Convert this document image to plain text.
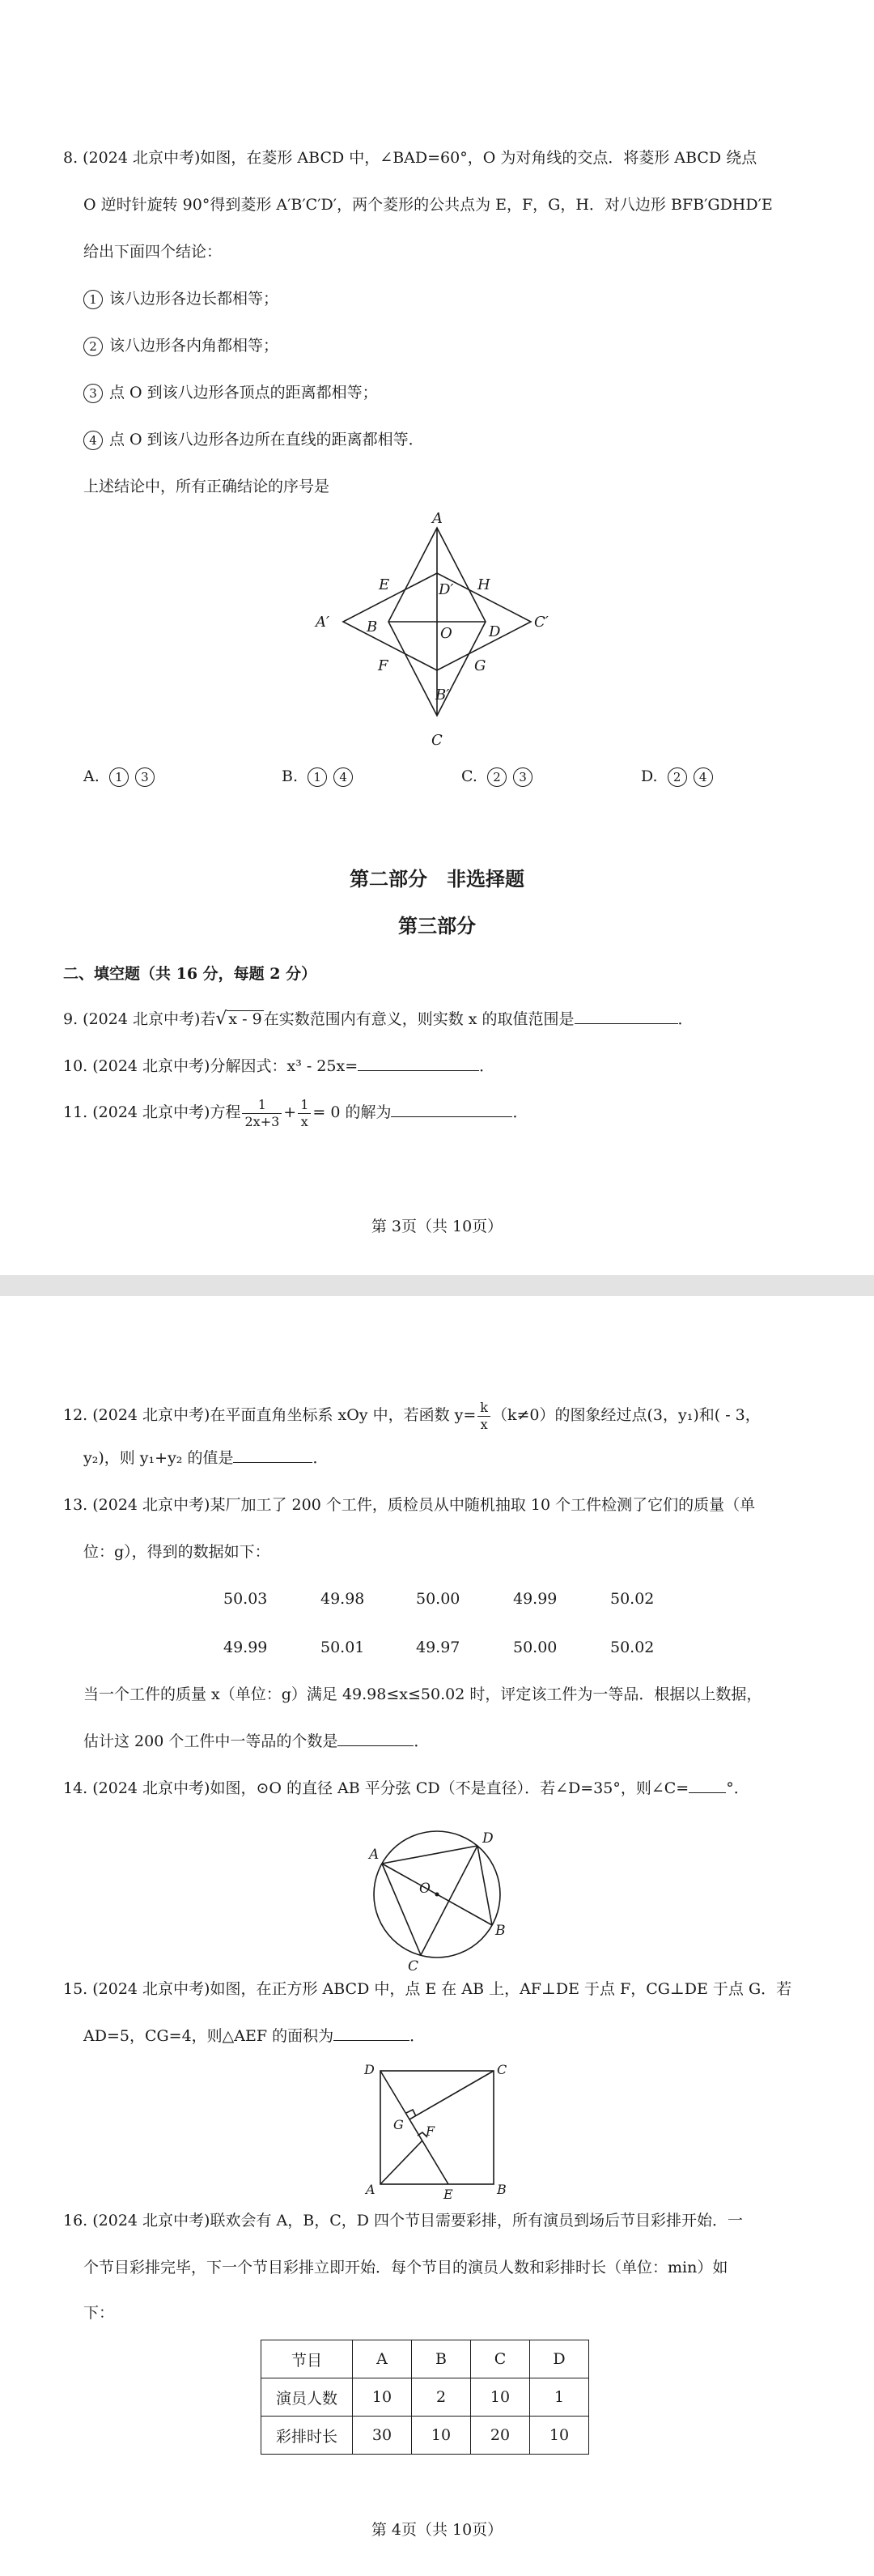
8. (2024 北京中考)如图，在菱形 ABCD 中，∠BAD=60°，O 为对角线的交点．将菱形 ABCD 绕点
O 逆时针旋转 90°得到菱形 A′B′C′D′，两个菱形的公共点为 E，F，G，H．对八边形 BFB′GDHD′E
给出下面四个结论：
1 该八边形各边长都相等；
2 该八边形各内角都相等；
3 点 O 到该八边形各顶点的距离都相等；
4 点 O 到该八边形各边所在直线的距离都相等．
上述结论中，所有正确结论的序号是
A
E	D′ H
A′	B	O	D
C′
F	G
B′
C
A. 1 3	B. 1 4	C. 2 3	D. 2 4
第二部分　非选择题
第三部分
二、填空题（共 16 分，每题 2 分）
9. (2024 北京中考)若√ x - 9 在实数范围内有意义，则实数 x 的取值范围是	．
10. (2024 北京中考)分解因式：x³ - 25x=	．
11. (2024 北京中考)方程 $\frac{1}{2x+3} + \frac{1}{x} = 0$ 的解为	．
第 3页（共 10页）
12. (2024 北京中考)在平面直角坐标系 xOy 中，若函数 $y= \frac{k}{x} (k\ne 0)$的图象经过点(3，y₁)和( - 3，
y₂)，则 y₁+y₂ 的值是	．
13. (2024 北京中考)某厂加工了 200 个工件，质检员从中随机抽取 10 个工件检测了它们的质量（单
位：g），得到的数据如下：
50.03	49.98	50.00	49.99	50.02
49.99	50.01	49.97	50.00	50.02
当一个工件的质量 x（单位：g）满足 49.98≤x≤50.02 时，评定该工件为一等品．根据以上数据，
估计这 200 个工件中一等品的个数是	．
14. (2024 北京中考)如图，⊙O 的直径 AB 平分弦 CD（不是直径）．若∠D=35°，则∠C= °．
A
D
O
B
C
15. (2024 北京中考)如图，在正方形 ABCD 中，点 E 在 AB 上，AF⊥DE 于点 F，CG⊥DE 于点 G．若
AD=5，CG=4，则△AEF 的面积为	．
D	C
G F
A	E	B
16. (2024 北京中考)联欢会有 A，B，C，D 四个节目需要彩排，所有演员到场后节目彩排开始．一
个节目彩排完毕，下一个节目彩排立即开始．每个节目的演员人数和彩排时长（单位：min）如
下：
节目	A	B	C	D
演员人数	10	2	10	1
彩排时长	30	10	20	10
第 4页（共 10页）
